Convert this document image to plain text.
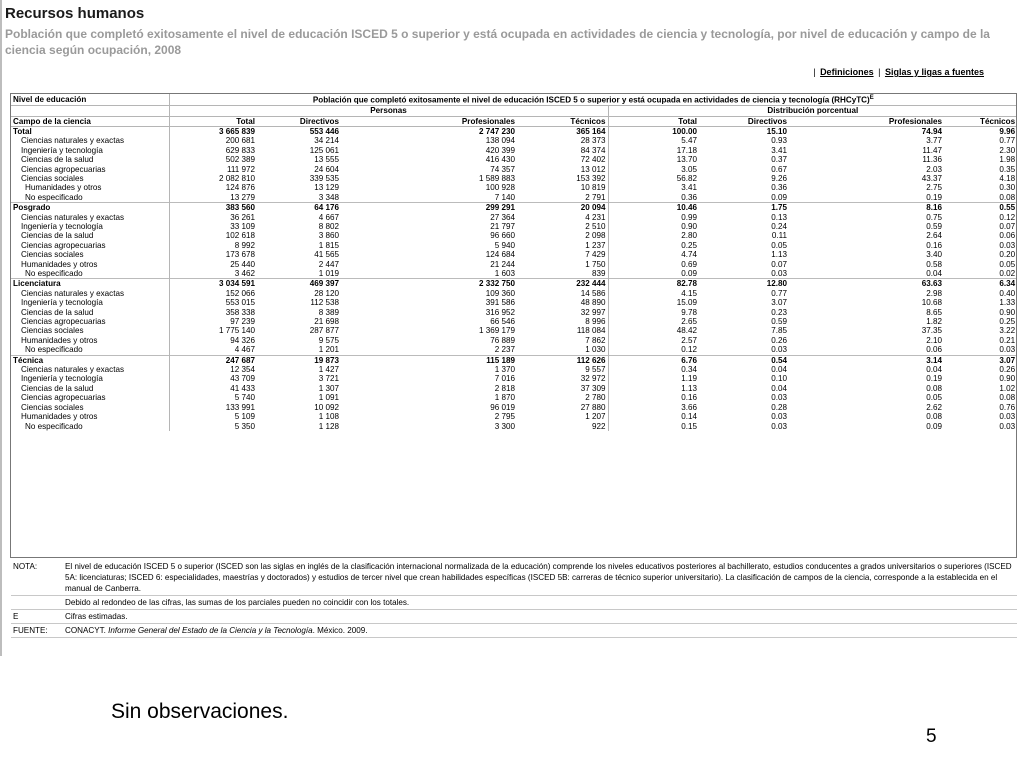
Recursos humanos
Población que completó exitosamente el nivel de educación ISCED 5 o superior y está ocupada en actividades de ciencia y tecnología, por nivel de educación y campo de la ciencia según ocupación, 2008
| Definiciones | Siglas y ligas a fuentes
Nivel de educación	Población que completó exitosamente el nivel de educación ISCED 5 o superior y está ocupada en actividades de ciencia y tecnología (RHCyTC)$^E$
	Personas				Distribución porcentual			
Campo de la ciencia	Total	Directivos	Profesionales	Técnicos	Total	Directivos	Profesionales	Técnicos
Total	3 665 839	553 446	2 747 230	365 164	100.00	15.10	74.94	9.96
Ciencias naturales y exactas	200 681	34 214	138 094	28 373	5.47	0.93	3.77	0.77
Ingeniería y tecnología	629 833	125 061	420 399	84 374	17.18	3.41	11.47	2.30
Ciencias de la salud	502 389	13 555	416 430	72 402	13.70	0.37	11.36	1.98
Ciencias agropecuarias	111 972	24 604	74 357	13 012	3.05	0.67	2.03	0.35
Ciencias sociales	2 082 810	339 535	1 589 883	153 392	56.82	9.26	43.37	4.18
Humanidades y otros	124 876	13 129	100 928	10 819	3.41	0.36	2.75	0.30
No especificado	13 279	3 348	7 140	2 791	0.36	0.09	0.19	0.08
Posgrado	383 560	64 176	299 291	20 094	10.46	1.75	8.16	0.55
Ciencias naturales y exactas	36 261	4 667	27 364	4 231	0.99	0.13	0.75	0.12
Ingeniería y tecnología	33 109	8 802	21 797	2 510	0.90	0.24	0.59	0.07
Ciencias de la salud	102 618	3 860	96 660	2 098	2.80	0.11	2.64	0.06
Ciencias agropecuarias	8 992	1 815	5 940	1 237	0.25	0.05	0.16	0.03
Ciencias sociales	173 678	41 565	124 684	7 429	4.74	1.13	3.40	0.20
Humanidades y otros	25 440	2 447	21 244	1 750	0.69	0.07	0.58	0.05
No especificado	3 462	1 019	1 603	839	0.09	0.03	0.04	0.02
Licenciatura	3 034 591	469 397	2 332 750	232 444	82.78	12.80	63.63	6.34
Ciencias naturales y exactas	152 066	28 120	109 360	14 586	4.15	0.77	2.98	0.40
Ingeniería y tecnología	553 015	112 538	391 586	48 890	15.09	3.07	10.68	1.33
Ciencias de la salud	358 338	8 389	316 952	32 997	9.78	0.23	8.65	0.90
Ciencias agropecuarias	97 239	21 698	66 546	8 996	2.65	0.59	1.82	0.25
Ciencias sociales	1 775 140	287 877	1 369 179	118 084	48.42	7.85	37.35	3.22
Humanidades y otros	94 326	9 575	76 889	7 862	2.57	0.26	2.10	0.21
No especificado	4 467	1 201	2 237	1 030	0.12	0.03	0.06	0.03
Técnica	247 687	19 873	115 189	112 626	6.76	0.54	3.14	3.07
Ciencias naturales y exactas	12 354	1 427	1 370	9 557	0.34	0.04	0.04	0.26
Ingeniería y tecnología	43 709	3 721	7 016	32 972	1.19	0.10	0.19	0.90
Ciencias de la salud	41 433	1 307	2 818	37 309	1.13	0.04	0.08	1.02
Ciencias agropecuarias	5 740	1 091	1 870	2 780	0.16	0.03	0.05	0.08
Ciencias sociales	133 991	10 092	96 019	27 880	3.66	0.28	2.62	0.76
Humanidades y otros	5 109	1 108	2 795	1 207	0.14	0.03	0.08	0.03
No especificado	5 350	1 128	3 300	922	0.15	0.03	0.09	0.03
NOTA:	El nivel de educación ISCED 5 o superior (ISCED son las siglas en inglés de la clasificación internacional normalizada de la educación) comprende los niveles educativos posteriores al bachillerato, estudios conducentes a grados universitarios o superiores (ISCED 5A: licenciaturas; ISCED 6: especialidades, maestrías y doctorados) y estudios de tercer nivel que crean habilidades específicas (ISCED 5B: carreras de técnico superior universitario). La clasificación de campos de la ciencia, corresponde a la establecida en el manual de Canberra.
	Debido al redondeo de las cifras, las sumas de los parciales pueden no coincidir con los totales.
E	Cifras estimadas.
FUENTE:	CONACYT. Informe General del Estado de la Ciencia y la Tecnología. México. 2009.
Sin observaciones.
5
